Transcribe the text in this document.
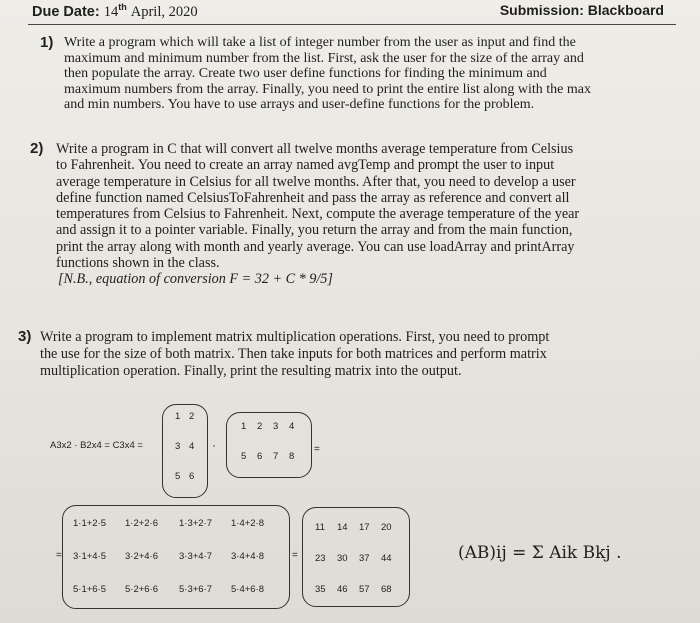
Due Date: 14th April, 2020	Submission: Blackboard
1) Write a program which will take a list of integer number from the user as input and find the
maximum and minimum number from the list. First, ask the user for the size of the array and
then populate the array. Create two user define functions for finding the minimum and
maximum numbers from the array. Finally, you need to print the entire list along with the max
and min numbers. You have to use arrays and user-define functions for the problem.
2) Write a program in C that will convert all twelve months average temperature from Celsius
to Fahrenheit. You need to create an array named avgTemp and prompt the user to input
average temperature in Celsius for all twelve months. After that, you need to develop a user
define function named CelsiusToFahrenheit and pass the array as reference and convert all
temperatures from Celsius to Fahrenheit. Next, compute the average temperature of the year
and assign it to a pointer variable. Finally, you return the array and from the main function,
print the array along with month and yearly average. You can use loadArray and printArray
functions shown in the class.
[N.B., equation of conversion F = 32 + C * 9/5]
3) Write a program to implement matrix multiplication operations. First, you need to prompt
the use for the size of both matrix. Then take inputs for both matrices and perform matrix
multiplication operation. Finally, print the resulting matrix into the output.
A3x2 · B2x4 = C3x4 =
1 2
3 4
5 6
·
1 2 3 4
5 6 7 8
=
=
1·1+2·5 1·2+2·6 1·3+2·7 1·4+2·8
3·1+4·5 3·2+4·6 3·3+4·7 3·4+4·8
5·1+6·5 5·2+6·6 5·3+6·7 5·4+6·8
=
11 14 17 20
23 30 37 44
35 46 57 68
(AB)ij = Σ Aik Bkj .
